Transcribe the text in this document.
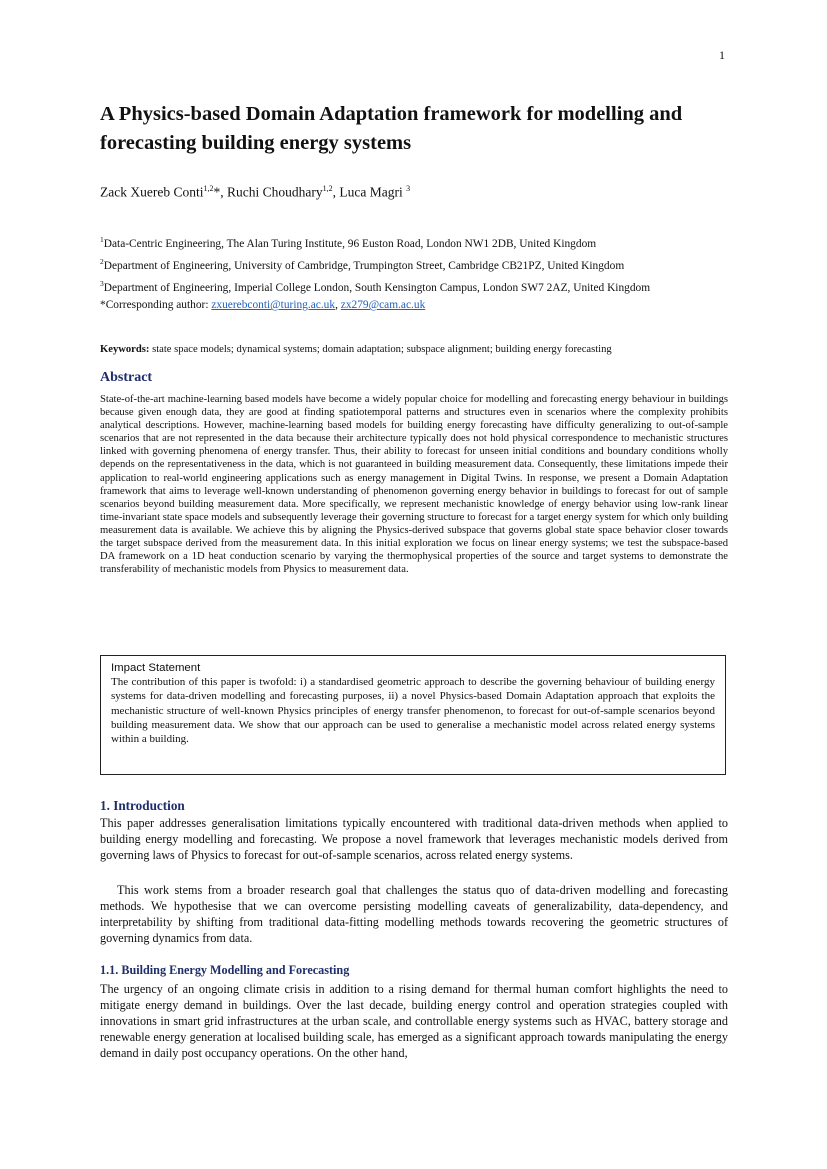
1
A Physics-based Domain Adaptation framework for modelling and forecasting building energy systems
Zack Xuereb Conti$^{1,2}$*, Ruchi Choudhary$^{1,2}$, Luca Magri $^3$
$^1$Data-Centric Engineering, The Alan Turing Institute, 96 Euston Road, London NW1 2DB, United Kingdom
$^2$Department of Engineering, University of Cambridge, Trumpington Street, Cambridge CB21PZ, United Kingdom
$^3$Department of Engineering, Imperial College London, South Kensington Campus, London SW7 2AZ, United Kingdom
*Corresponding author: zxuerebconti@turing.ac.uk, zx279@cam.ac.uk
Keywords: state space models; dynamical systems; domain adaptation; subspace alignment; building energy forecasting
Abstract

State-of-the-art machine-learning based models have become a widely popular choice for modelling and forecasting energy behaviour in buildings because given enough data, they are good at finding spatiotemporal patterns and structures even in scenarios where the complexity prohibits analytical descriptions. However, machine-learning based models for building energy forecasting have difficulty generalizing to out-of-sample scenarios that are not represented in the data because their architecture typically does not hold physical correspondence to mechanistic structures linked with governing phenomena of energy transfer. Thus, their ability to forecast for unseen initial conditions and boundary conditions wholly depends on the representativeness in the data, which is not guaranteed in building measurement data. Consequently, these limitations impede their application to real-world engineering applications such as energy management in Digital Twins. In response, we present a Domain Adaptation framework that aims to leverage well-known understanding of phenomenon governing energy behavior in buildings to forecast for out of sample scenarios beyond building measurement data. More specifically, we represent mechanistic knowledge of energy behavior using low-rank linear time-invariant state space models and subsequently leverage their governing structure to forecast for a target energy system for which only building measurement data is available. We achieve this by aligning the Physics-derived subspace that governs global state space behavior closer towards the target subspace derived from the measurement data. In this initial exploration we focus on linear energy systems; we test the subspace-based DA framework on a 1D heat conduction scenario by varying the thermophysical properties of the source and target systems to demonstrate the transferability of mechanistic models from Physics to measurement data.

Impact Statement

The contribution of this paper is twofold: i) a standardised geometric approach to describe the governing behaviour of building energy systems for data-driven modelling and forecasting purposes, ii) a novel Physics-based Domain Adaptation approach that exploits the mechanistic structure of well-known Physics principles of energy transfer phenomenon, to forecast for out-of-sample scenarios beyond building measurement data. We show that our approach can be used to generalise a mechanistic model across related energy systems within a building.

1. Introduction

This paper addresses generalisation limitations typically encountered with traditional data-driven methods when applied to building energy modelling and forecasting. We propose a novel framework that leverages mechanistic models derived from governing laws of Physics to forecast for out-of-sample scenarios, across related energy systems.

This work stems from a broader research goal that challenges the status quo of data-driven modelling and forecasting methods. We hypothesise that we can overcome persisting modelling caveats of generalizability, data-dependency, and interpretability by shifting from traditional data-fitting modelling methods towards recovering the geometric structures of governing dynamics from data.

1.1. Building Energy Modelling and Forecasting

The urgency of an ongoing climate crisis in addition to a rising demand for thermal human comfort highlights the need to mitigate energy demand in buildings. Over the last decade, building energy control and operation strategies coupled with innovations in smart grid infrastructures at the urban scale, and controllable energy systems such as HVAC, battery storage and renewable energy generation at localised building scale, has emerged as a significant approach towards manipulating the energy demand in daily post occupancy operations. On the other hand,
